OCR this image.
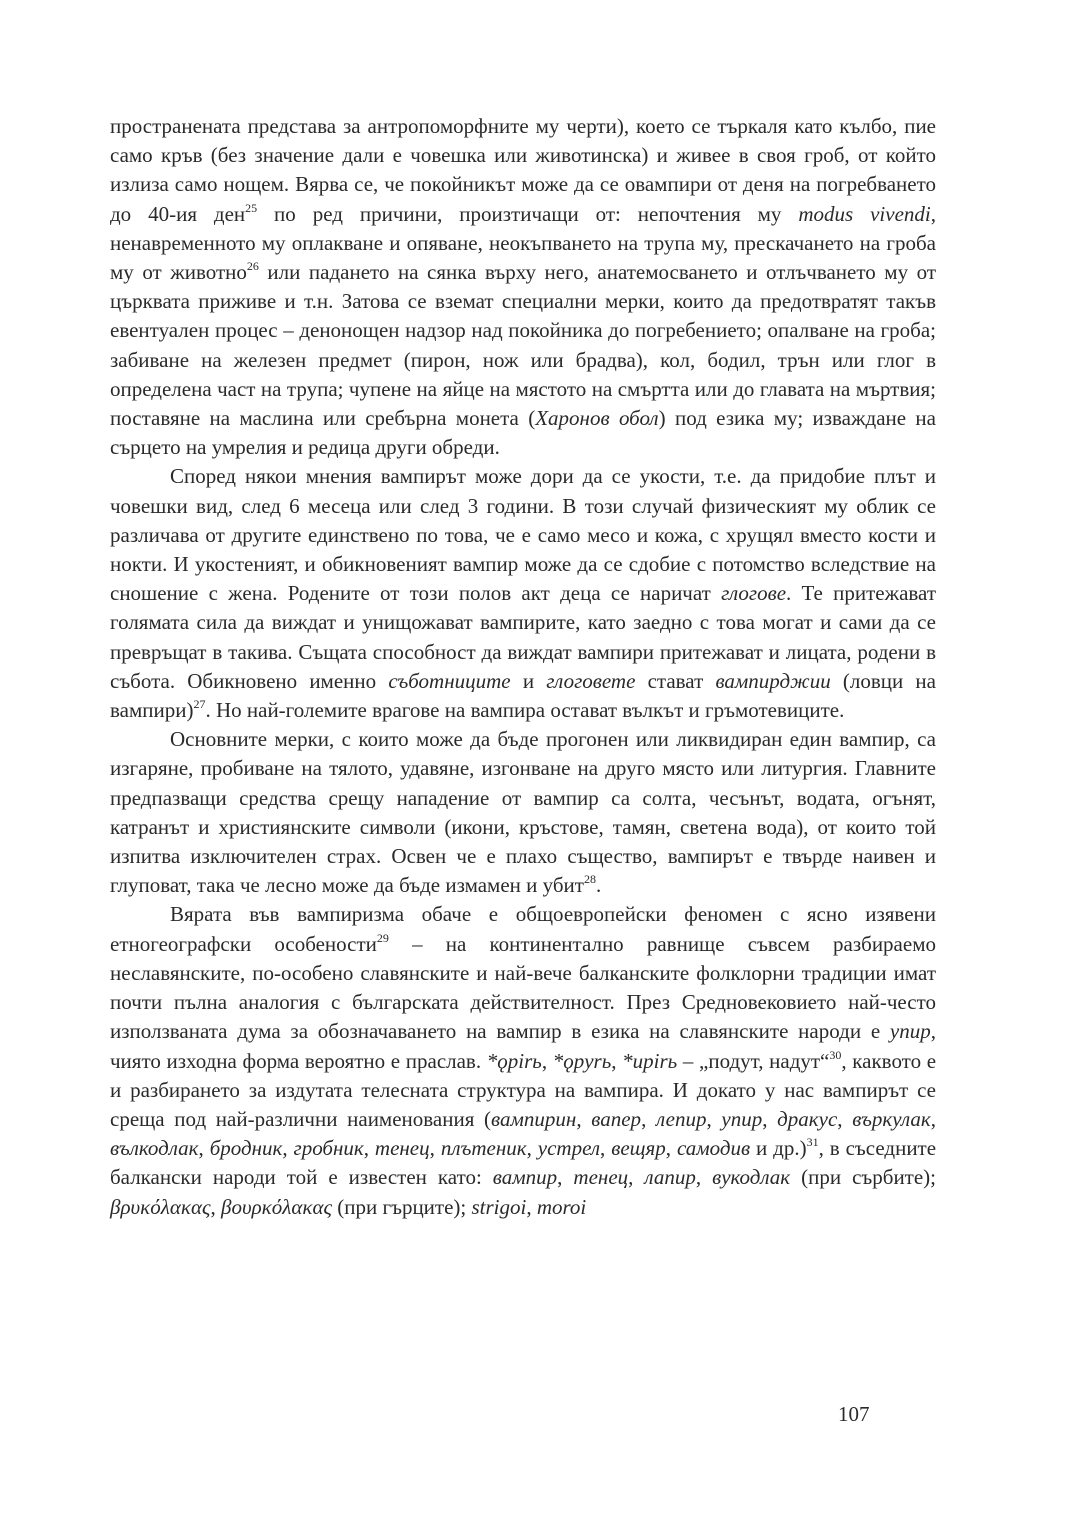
пространената представа за антропоморфните му черти), което се търкаля като кълбо, пие само кръв (без значение дали е човешка или животинска) и живее в своя гроб, от който излиза само нощем. Вярва се, че покойникът може да се овампири от деня на погребването до 40-ия ден$^{25}$ по ред причини, произтичащи от: непочтения му modus vivendi, ненавременното му оплакване и опяване, неокъпването на трупа му, прескачането на гроба му от животно$^{26}$ или падането на сянка върху него, анатемосването и отлъчването му от църквата приживе и т.н. Затова се вземат специални мерки, които да предотвратят такъв евентуален процес – денонощен надзор над покойника до погребението; опалване на гроба; забиване на железен предмет (пирон, нож или брадва), кол, бодил, трън или глог в определена част на трупа; чупене на яйце на мястото на смъртта или до главата на мъртвия; поставяне на маслина или сребърна монета (Харонов обол) под езика му; изваждане на сърцето на умрелия и редица други обреди.

Според някои мнения вампирът може дори да се укости, т.е. да придобие плът и човешки вид, след 6 месеца или след 3 години. В този случай физическият му облик се различава от другите единствено по това, че е само месо и кожа, с хрущял вместо кости и нокти. И укостеният, и обикновеният вампир може да се сдобие с потомство вследствие на сношение с жена. Родените от този полов акт деца се наричат глогове. Те притежават голямата сила да виждат и унищожават вампирите, като заедно с това могат и сами да се превръщат в такива. Същата способност да виждат вампири притежават и лицата, родени в събота. Обикновено именно съботниците и глоговете стават вампирджии (ловци на вампири)$^{27}$. Но най-големите врагове на вампира остават вълкът и гръмотевиците.

Основните мерки, с които може да бъде прогонен или ликвидиран един вампир, са изгаряне, пробиване на тялото, удавяне, изгонване на друго място или литургия. Главните предпазващи средства срещу нападение от вампир са солта, чесънът, водата, огънят, катранът и християнските символи (икони, кръстове, тамян, светена вода), от които той изпитва изключителен страх. Освен че е плахо същество, вампирът е твърде наивен и глуповат, така че лесно може да бъде измамен и убит$^{28}$.

Вярата във вампиризма обаче е общоевропейски феномен с ясно изявени етногеографски особености$^{29}$ – на континентално равнище съвсем разбираемо неславянските, по-особено славянските и най-вече балканските фолклорни традиции имат почти пълна аналогия с българската действителност. През Средновековието най-често използваната дума за обозначаването на вампир в езика на славянските народи е упир, чиято изходна форма вероятно е праслав. *ǫpirь, *ǫpyrь, *upirь – „подут, надут“$^{30}$, каквото е и разбирането за издутата телесната структура на вампира. И докато у нас вампирът се среща под най-различни наименования (вампирин, вапер, лепир, упир, дракус, въркулак, вълкодлак, бродник, гробник, тенец, плътеник, устрел, вещяр, самодив и др.)$^{31}$, в съседните балкански народи той е известен като: вампир, тенец, лапир, вукодлак (при сърбите); βρυκόλακας, βουρκόλακας (при гърците); strigoi, moroi

107
